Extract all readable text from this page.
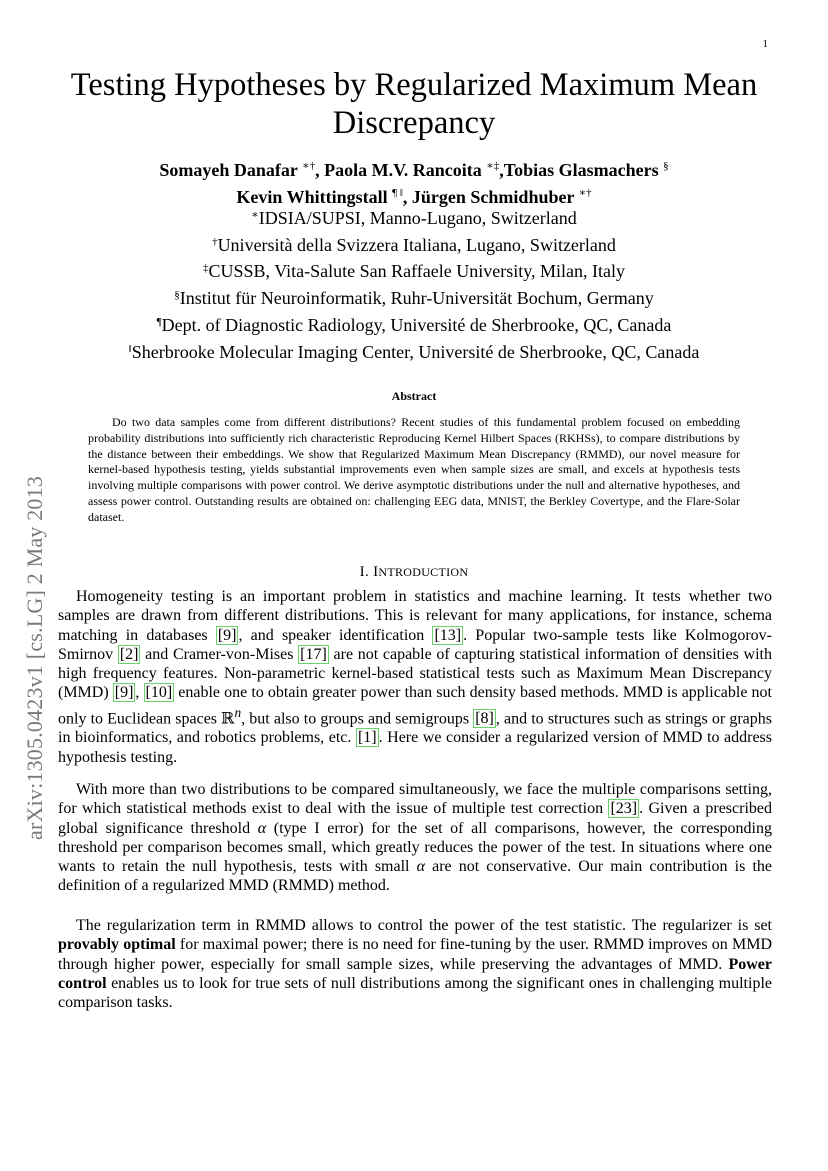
1
arXiv:1305.0423v1 [cs.LG] 2 May 2013
Testing Hypotheses by Regularized Maximum Mean Discrepancy
Somayeh Danafar ∗†, Paola M.V. Rancoita ∗‡,Tobias Glasmachers §
Kevin Whittingstall ¶ ‖, Jürgen Schmidhuber ∗†
∗IDSIA/SUPSI, Manno-Lugano, Switzerland
†Università della Svizzera Italiana, Lugano, Switzerland
‡CUSSB, Vita-Salute San Raffaele University, Milan, Italy
§Institut für Neuroinformatik, Ruhr-Universität Bochum, Germany
¶Dept. of Diagnostic Radiology, Université de Sherbrooke, QC, Canada
‖Sherbrooke Molecular Imaging Center, Université de Sherbrooke, QC, Canada
Abstract
Do two data samples come from different distributions? Recent studies of this fundamental problem focused on embedding probability distributions into sufficiently rich characteristic Reproducing Kernel Hilbert Spaces (RKHSs), to compare distributions by the distance between their embeddings. We show that Regularized Maximum Mean Discrepancy (RMMD), our novel measure for kernel-based hypothesis testing, yields substantial improvements even when sample sizes are small, and excels at hypothesis tests involving multiple comparisons with power control. We derive asymptotic distributions under the null and alternative hypotheses, and assess power control. Outstanding results are obtained on: challenging EEG data, MNIST, the Berkley Covertype, and the Flare-Solar dataset.
I. INTRODUCTION
Homogeneity testing is an important problem in statistics and machine learning. It tests whether two samples are drawn from different distributions. This is relevant for many applications, for instance, schema matching in databases [9] , and speaker identification [13] . Popular two-sample tests like Kolmogorov-Smirnov [2] and Cramer-von-Mises [17] are not capable of capturing statistical information of densities with high frequency features. Non-parametric kernel-based statistical tests such as Maximum Mean Discrepancy (MMD) [9] , [10] enable one to obtain greater power than such density based methods. MMD is applicable not only to Euclidean spaces ℝ$^n$, but also to groups and semigroups [8] , and to structures such as strings or graphs in bioinformatics, and robotics problems, etc. [1] . Here we consider a regularized version of MMD to address hypothesis testing.
With more than two distributions to be compared simultaneously, we face the multiple comparisons setting, for which statistical methods exist to deal with the issue of multiple test correction [23] . Given a prescribed global significance threshold α (type I error) for the set of all comparisons, however, the corresponding threshold per comparison becomes small, which greatly reduces the power of the test. In situations where one wants to retain the null hypothesis, tests with small α are not conservative. Our main contribution is the definition of a regularized MMD (RMMD) method.
The regularization term in RMMD allows to control the power of the test statistic. The regularizer is set provably optimal for maximal power; there is no need for fine-tuning by the user. RMMD improves on MMD through higher power, especially for small sample sizes, while preserving the advantages of MMD. Power control enables us to look for true sets of null distributions among the significant ones in challenging multiple comparison tasks.
